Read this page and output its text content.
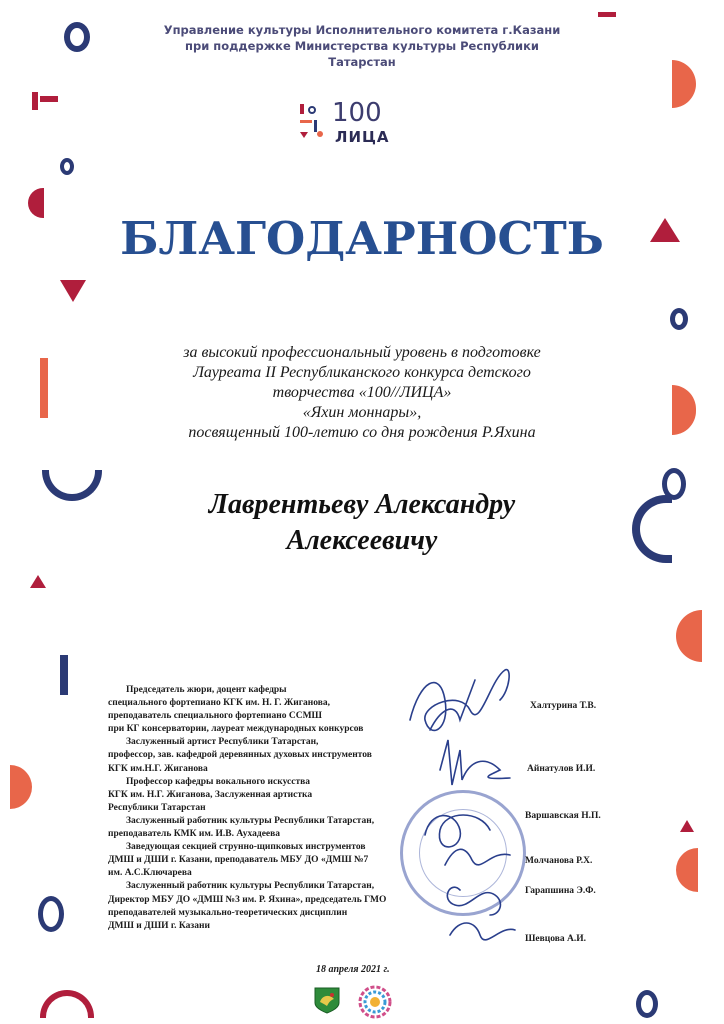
Управление культуры Исполнительного комитета г.Казани
при поддержке Министерства культуры Республики
Татарстан
100
ЛИЦА
БЛАГОДАРНОСТЬ
за высокий профессиональный уровень в подготовке
Лауреата II Республиканского конкурса детского
творчества «100//ЛИЦА»
«Яхин моннары»,
посвященный 100-летию со дня рождения Р.Яхина
Лаврентьеву Александру
Алексеевичу
Председатель жюри, доцент кафедры
специального фортепиано КГК им. Н. Г. Жиганова,
преподаватель специального фортепиано ССМШ
при КГ консерватории, лауреат международных конкурсов
Заслуженный артист Республики Татарстан,
профессор, зав. кафедрой деревянных духовых инструментов
КГК им.Н.Г. Жиганова
Профессор кафедры вокального искусства
КГК им. Н.Г. Жиганова, Заслуженная артистка
Республики Татарстан
Заслуженный работник культуры Республики Татарстан,
преподаватель КМК им. И.В. Аухадеева
Заведующая секцией струнно-щипковых инструментов
ДМШ и ДШИ г. Казани, преподаватель МБУ ДО «ДМШ №7
им. А.С.Ключарева
Заслуженный работник культуры Республики Татарстан,
Директор МБУ ДО «ДМШ №3 им. Р. Яхина», председатель ГМО
преподавателей музыкально-теоретических дисциплин
ДМШ и ДШИ г. Казани
Халтурина Т.В.
Айнатулов И.И.
Варшавская Н.П.
Молчанова Р.Х.
Гарапшина Э.Ф.
Шевцова А.И.
18 апреля 2021 г.
